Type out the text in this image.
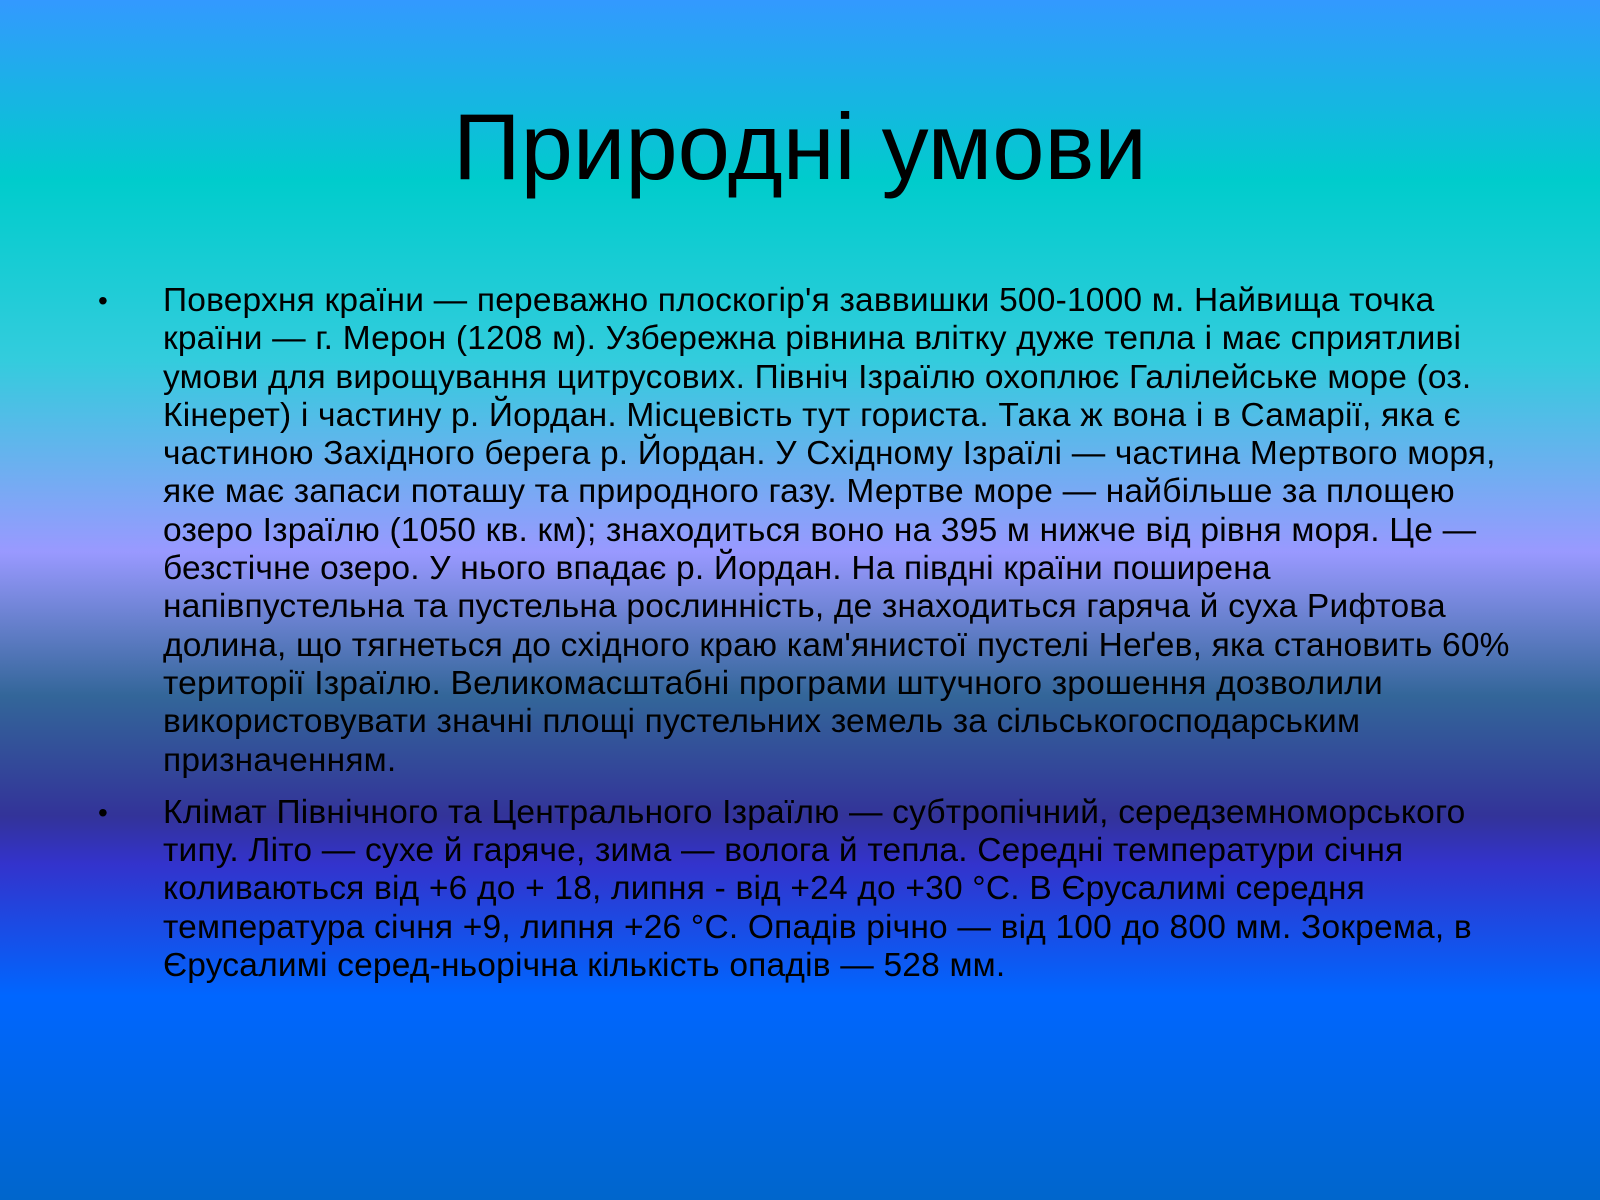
Природні умови
•	Поверхня країни — переважно плоскогір'я заввишки 500-1000 м. Найвища точка країни — г. Мерон (1208 м). Узбережна рівнина влітку дуже тепла і має сприятливі умови для вирощування цитрусових. Північ Ізраїлю охоплює Галілейське море (оз. Кінерет) і частину р. Йордан. Місцевість тут гориста. Така ж вона і в Самарії, яка є частиною Західного берега р. Йордан. У Східному Ізраїлі — частина Мертвого моря, яке має запаси поташу та природного газу. Мертве море — найбільше за площею озеро Ізраїлю (1050 кв. км); знаходиться воно на 395 м нижче від рівня моря. Це — безстічне озеро. У нього впадає р. Йордан. На півдні країни поширена напівпустельна та пустельна рослинність, де знаходиться гаряча й суха Рифтова долина, що тягнеться до східного краю кам'янистої пустелі Неґев, яка становить 60% території Ізраїлю. Великомасштабні програми штучного зрошення дозволили використовувати значні площі пустельних земель за сільськогосподарським призначенням.
•	Клімат Північного та Центрального Ізраїлю — субтропічний, середземноморського типу. Літо — сухе й гаряче, зима — волога й тепла. Середні температури січня коливаються від +6 до + 18, липня - від +24 до +30 °С. В Єрусалимі середня температура січня +9, липня +26 °С. Опадів річно — від 100 до 800 мм. Зокрема, в Єрусалимі серед-ньорічна кількість опадів — 528 мм.
